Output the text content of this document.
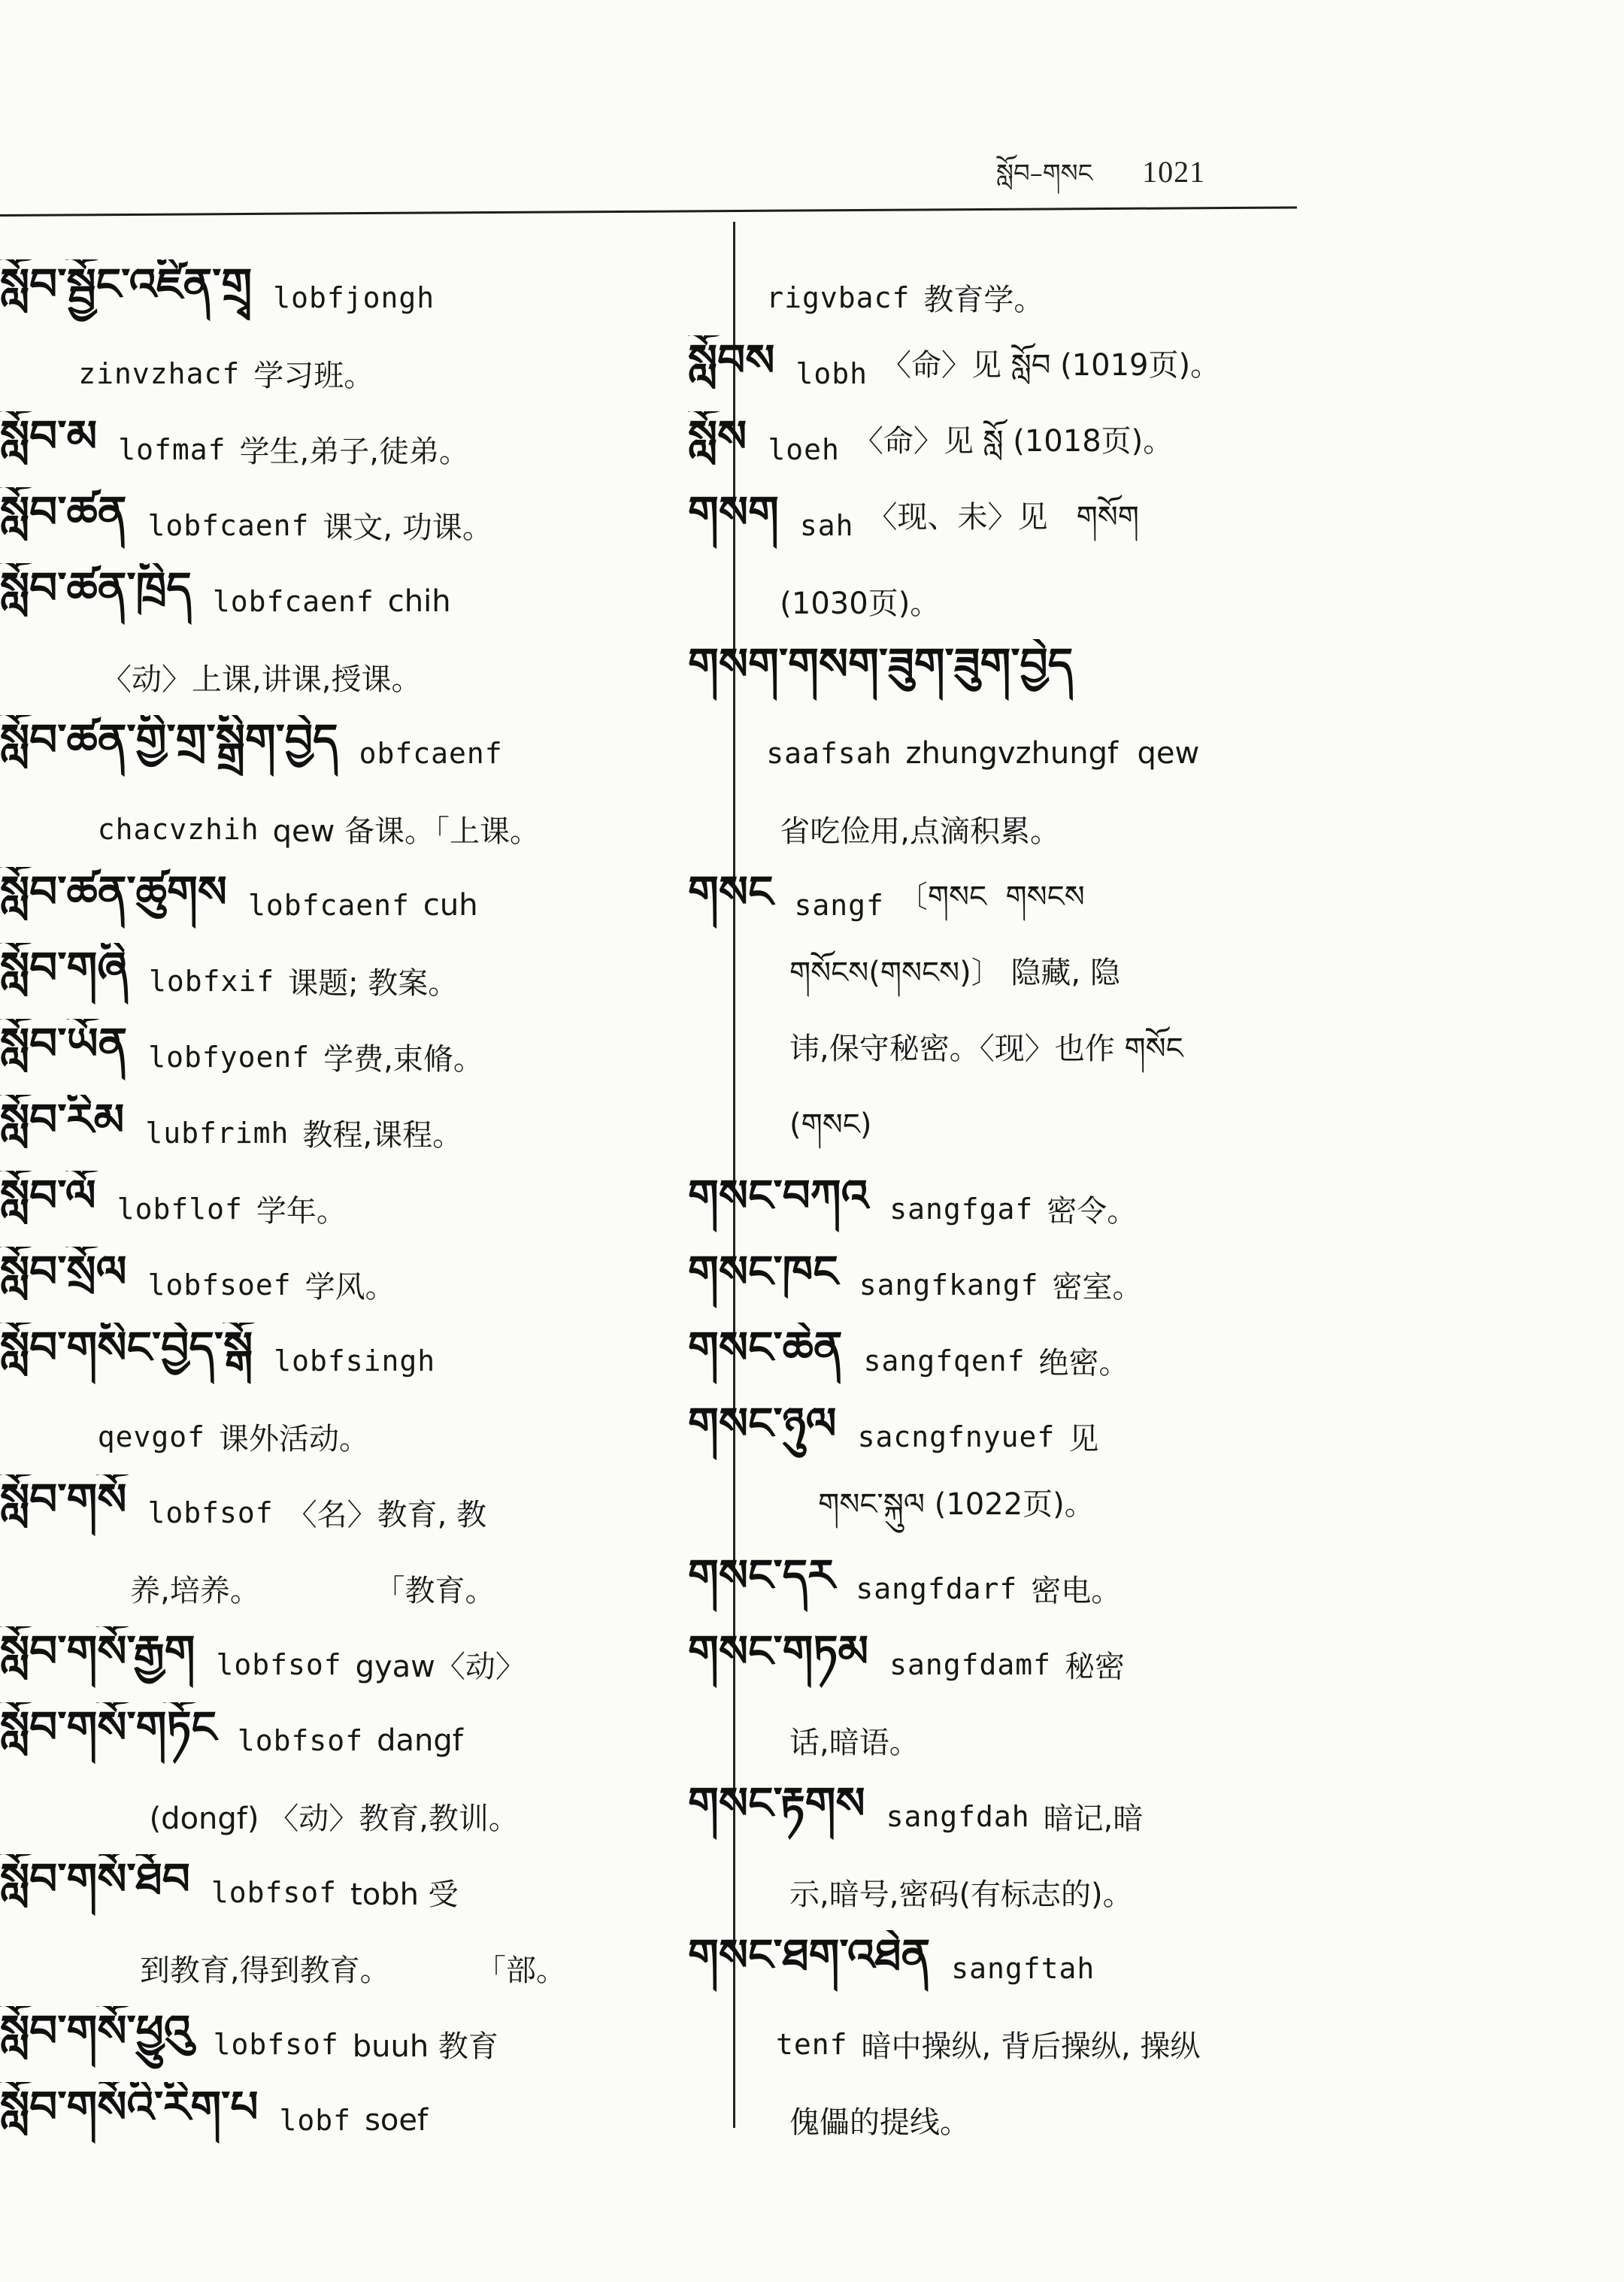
སློབ–གསང 1021
སློབ་སྦྱོང་འཛིན་གྲྭ lobfjongh

zinvzhacf 学习班。
སློབ་མ lofmaf 学生,弟子,徒弟。
སློབ་ཚན lobfcaenf 课文, 功课。
སློབ་ཚན་ཁྲིད lobfcaenf chih

〈动〉上课,讲课,授课。
སློབ་ཚན་གྱི་གྲ་སྒྲིག་བྱེད obfcaenf

chacvzhih qew 备课。「上课。
སློབ་ཚན་ཚུགས lobfcaenf cuh
སློབ་གཞི lobfxif 课题; 教案。
སློབ་ཡོན lobfyoenf 学费,束脩。
སློབ་རིམ lubfrimh 教程,课程。
སློབ་ལོ lobflof 学年。
སློབ་སྲོལ lobfsoef 学风。
སློབ་གསིང་བྱེད་སྒོ lobfsingh

qevgof 课外活动。
སློབ་གསོ lobfsof 〈名〉教育, 教

养,培养。            「教育。
སློབ་གསོ་རྒྱག lobfsof gyaw〈动〉
སློབ་གསོ་གཏོང lobfsof dangf

(dongf) 〈动〉教育,教训。
སློབ་གསོ་ཐོབ lobfsof tobh 受

到教育,得到教育。         「部。
སློབ་གསོ་ཕྱུའུ lobfsof buuh 教育
སློབ་གསོའི་རིག་པ lobf soef

rigvbacf 教育学。
སློབས lobh 〈命〉见 སློབ (1019页)。
སློས loeh 〈命〉见 སློ (1018页)。
གསག sah 〈现、未〉见   གསོག

(1030页)。
གསག་གསག་ཟུག་ཟུག་བྱེད

saafsah zhungvzhungf  qew

省吃俭用,点滴积累。
གསང sangf 〔གསང  གསངས

གསོངས(གསངས)〕 隐藏, 隐

讳,保守秘密。〈现〉也作 གསོང

(གསང)
གསང་བཀའ sangfgaf 密令。
གསང་ཁང sangfkangf 密室。
གསང་ཆེན sangfqenf 绝密。
གསང་ཉུལ sacngfnyuef 见

གསང་སྐུལ (1022页)。
གསང་དར sangfdarf 密电。
གསང་གཏམ sangfdamf 秘密

话,暗语。
གསང་རྟགས sangfdah 暗记,暗

示,暗号,密码(有标志的)。
གསང་ཐག་འཐེན sangftah

tenf 暗中操纵, 背后操纵, 操纵

傀儡的提线。
